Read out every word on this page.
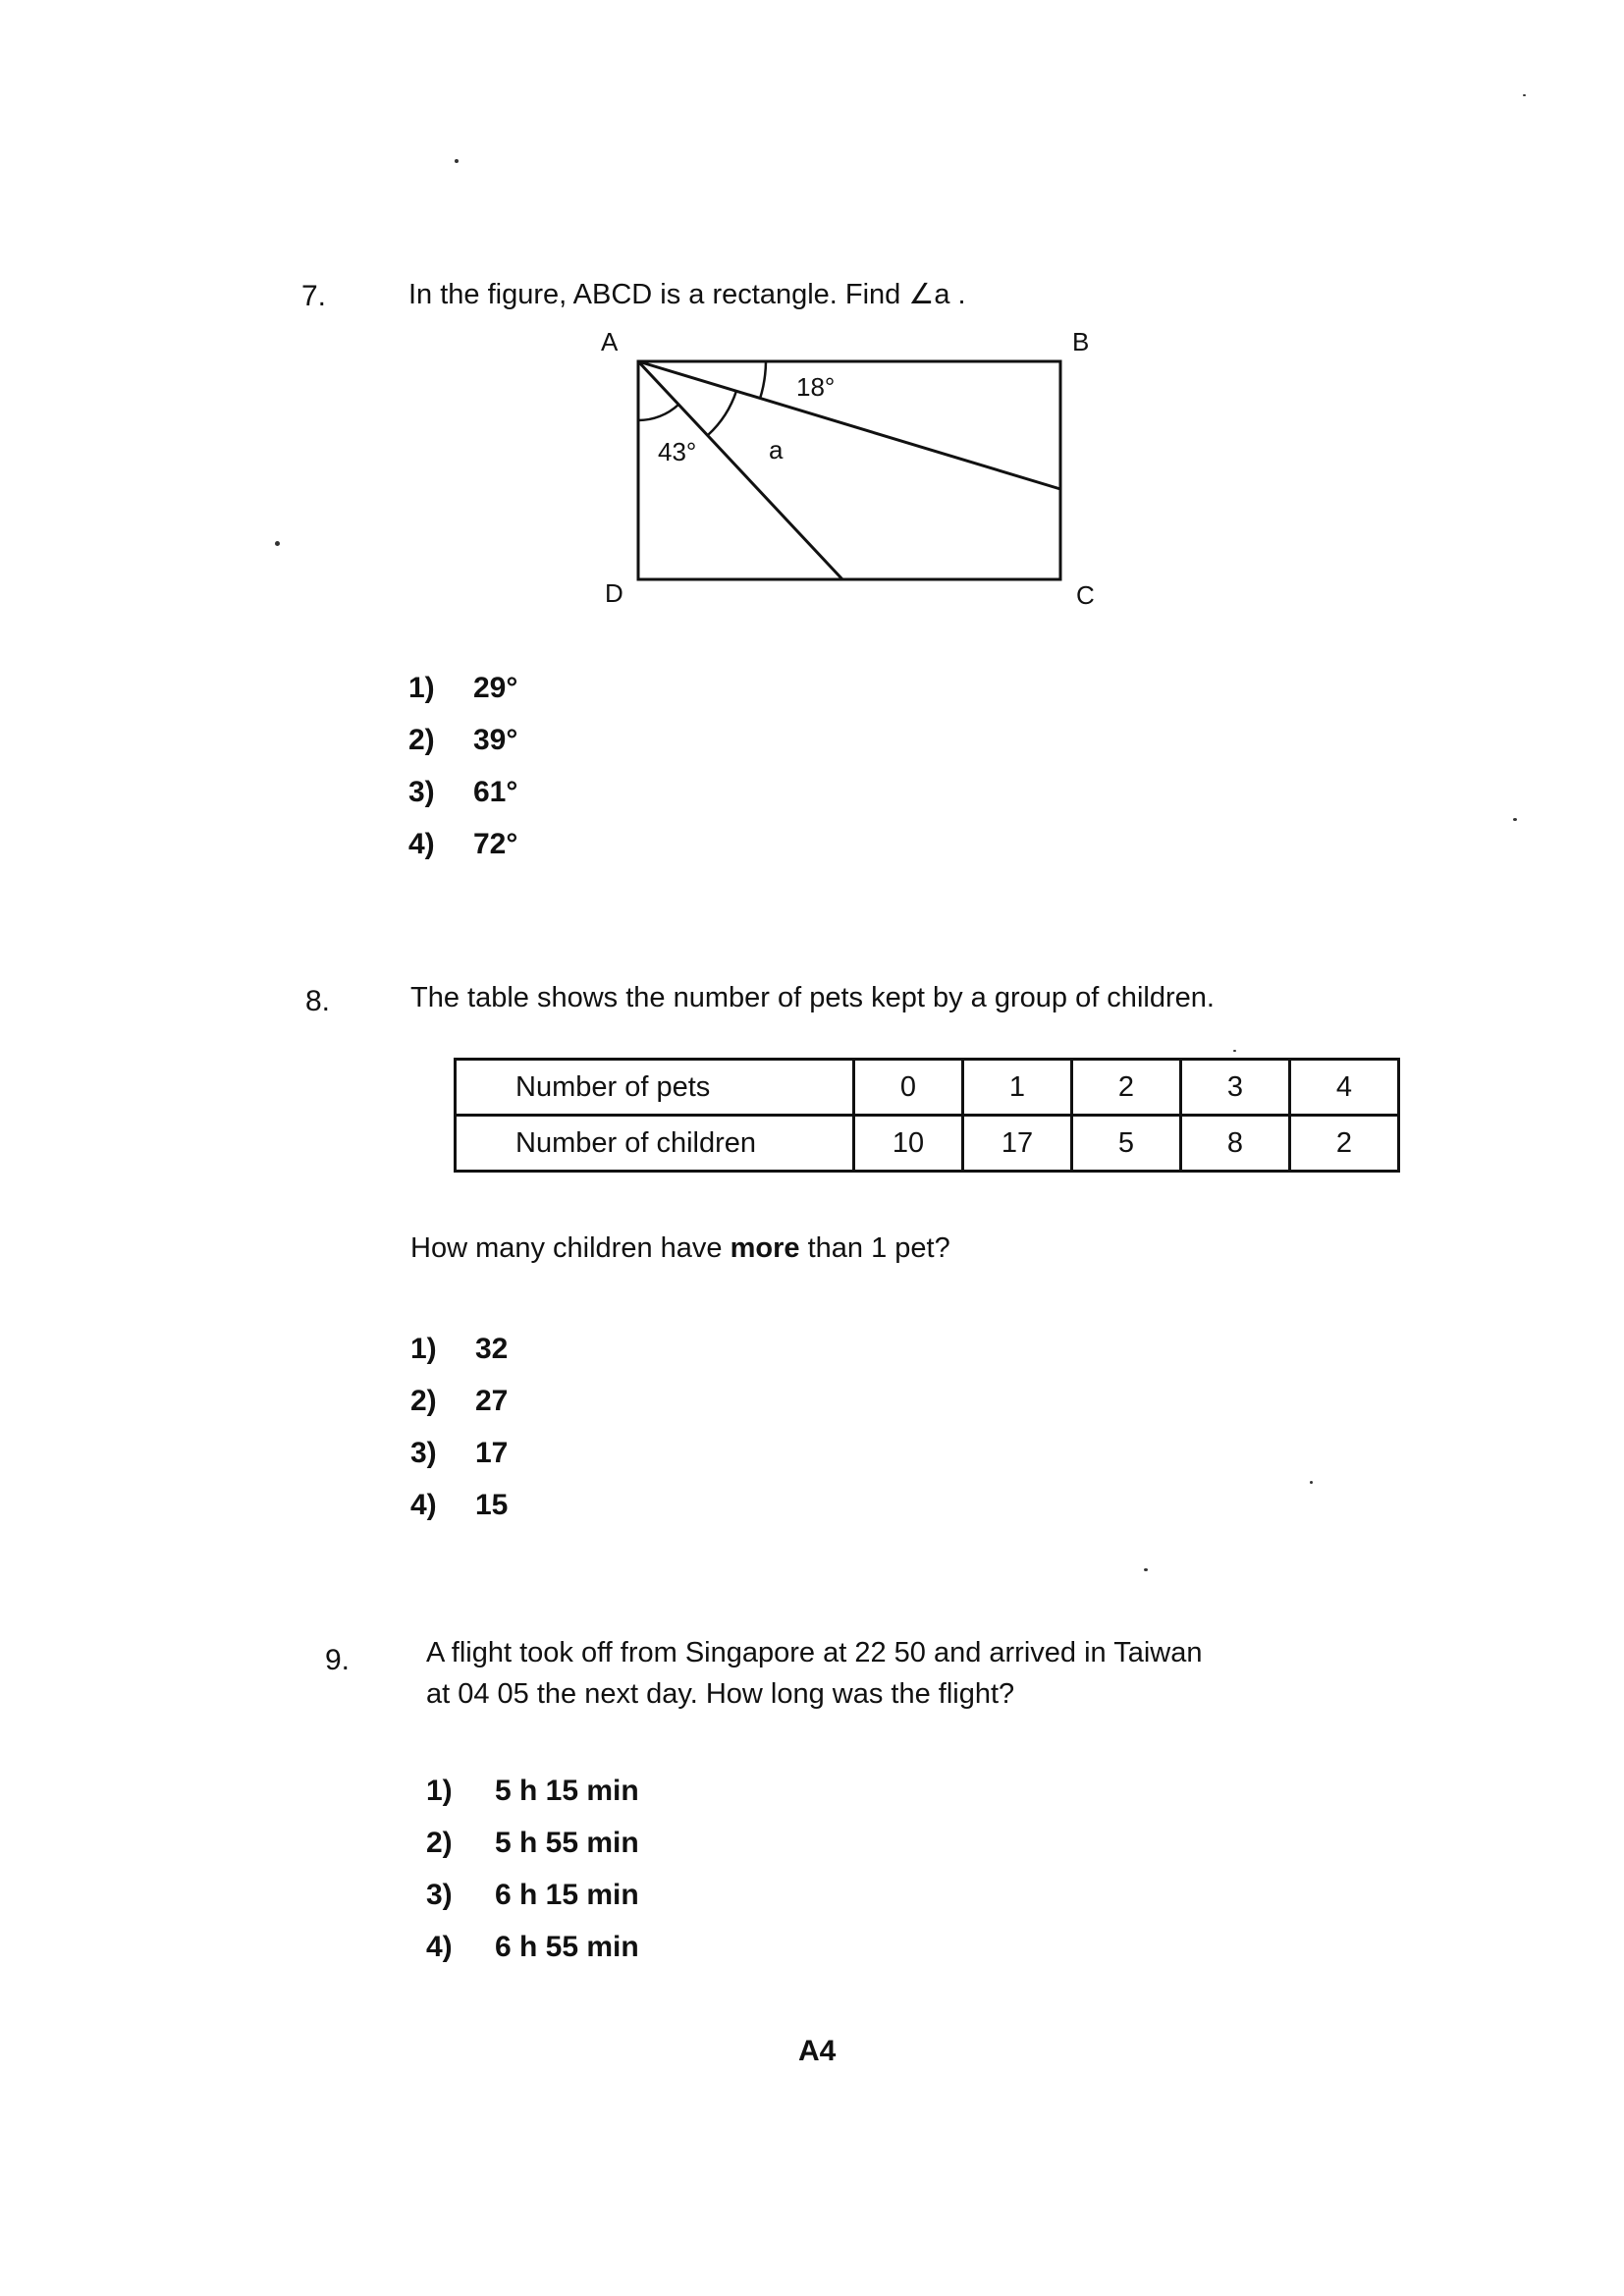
7.	In the figure, ABCD is a rectangle. Find ∠a .
A	B
C
D
18°
43°	a
1) 29°
2) 39°
3) 61°
4) 72°
8.	The table shows the number of pets kept by a group of children.
Number of pets	0	1	2	3	4
Number of children	10	17	5	8	2
How many children have more than 1 pet?
1) 32
2) 27
3) 17
4) 15
9.	A flight took off from Singapore at 22 50 and arrived in Taiwan
at 04 05 the next day. How long was the flight?
1) 5 h 15 min
2) 5 h 55 min
3) 6 h 15 min
4) 6 h 55 min
A4
